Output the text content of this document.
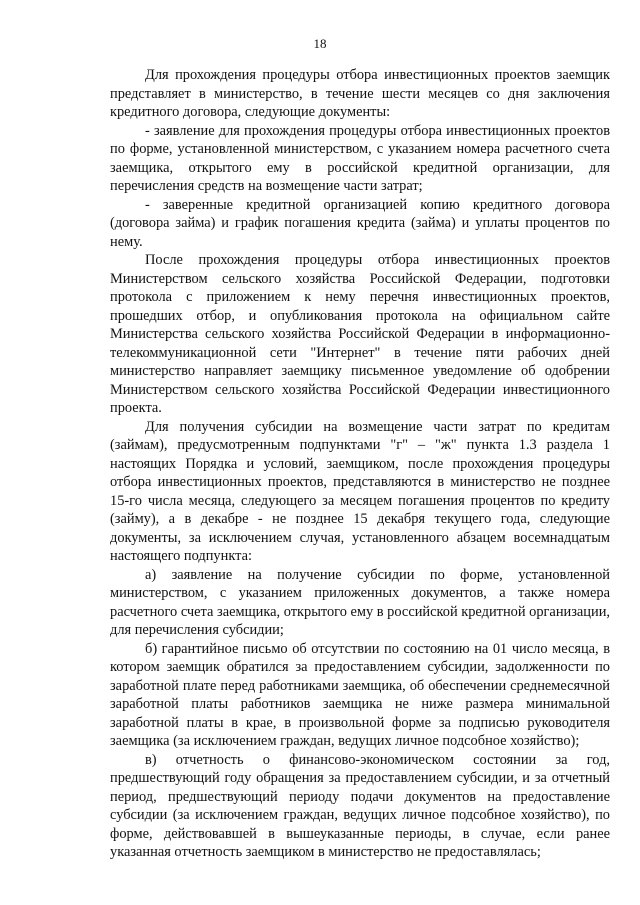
18

Для прохождения процедуры отбора инвестиционных проектов заемщик представляет в министерство, в течение шести месяцев со дня заключения кредитного договора, следующие документы:

- заявление для прохождения процедуры отбора инвестиционных проектов по форме, установленной министерством, с указанием номера расчетного счета заемщика, открытого ему в российской кредитной организации, для перечисления средств на возмещение части затрат;

- заверенные кредитной организацией копию кредитного договора (договора займа) и график погашения кредита (займа) и уплаты процентов по нему.

После прохождения процедуры отбора инвестиционных проектов Министерством сельского хозяйства Российской Федерации, подготовки протокола с приложением к нему перечня инвестиционных проектов, прошедших отбор, и опубликования протокола на официальном сайте Министерства сельского хозяйства Российской Федерации в информационно-телекоммуникационной сети "Интернет" в течение пяти рабочих дней министерство направляет заемщику письменное уведомление об одобрении Министерством сельского хозяйства Российской Федерации инвестиционного проекта.

Для получения субсидии на возмещение части затрат по кредитам (займам), предусмотренным подпунктами "г" – "ж" пункта 1.3 раздела 1 настоящих Порядка и условий, заемщиком, после прохождения процедуры отбора инвестиционных проектов, представляются в министерство не позднее 15-го числа месяца, следующего за месяцем погашения процентов по кредиту (займу), а в декабре - не позднее 15 декабря текущего года, следующие документы, за исключением случая, установленного абзацем восемнадцатым настоящего подпункта:

а) заявление на получение субсидии по форме, установленной министерством, с указанием приложенных документов, а также номера расчетного счета заемщика, открытого ему в российской кредитной организации, для перечисления субсидии;

б) гарантийное письмо об отсутствии по состоянию на 01 число месяца, в котором заемщик обратился за предоставлением субсидии, задолженности по заработной плате перед работниками заемщика, об обеспечении среднемесячной заработной платы работников заемщика не ниже размера минимальной заработной платы в крае, в произвольной форме за подписью руководителя заемщика (за исключением граждан, ведущих личное подсобное хозяйство);

в) отчетность о финансово-экономическом состоянии за год, предшествующий году обращения за предоставлением субсидии, и за отчетный период, предшествующий периоду подачи документов на предоставление субсидии (за исключением граждан, ведущих личное подсобное хозяйство), по форме, действовавшей в вышеуказанные периоды, в случае, если ранее указанная отчетность заемщиком в министерство не предоставлялась;
